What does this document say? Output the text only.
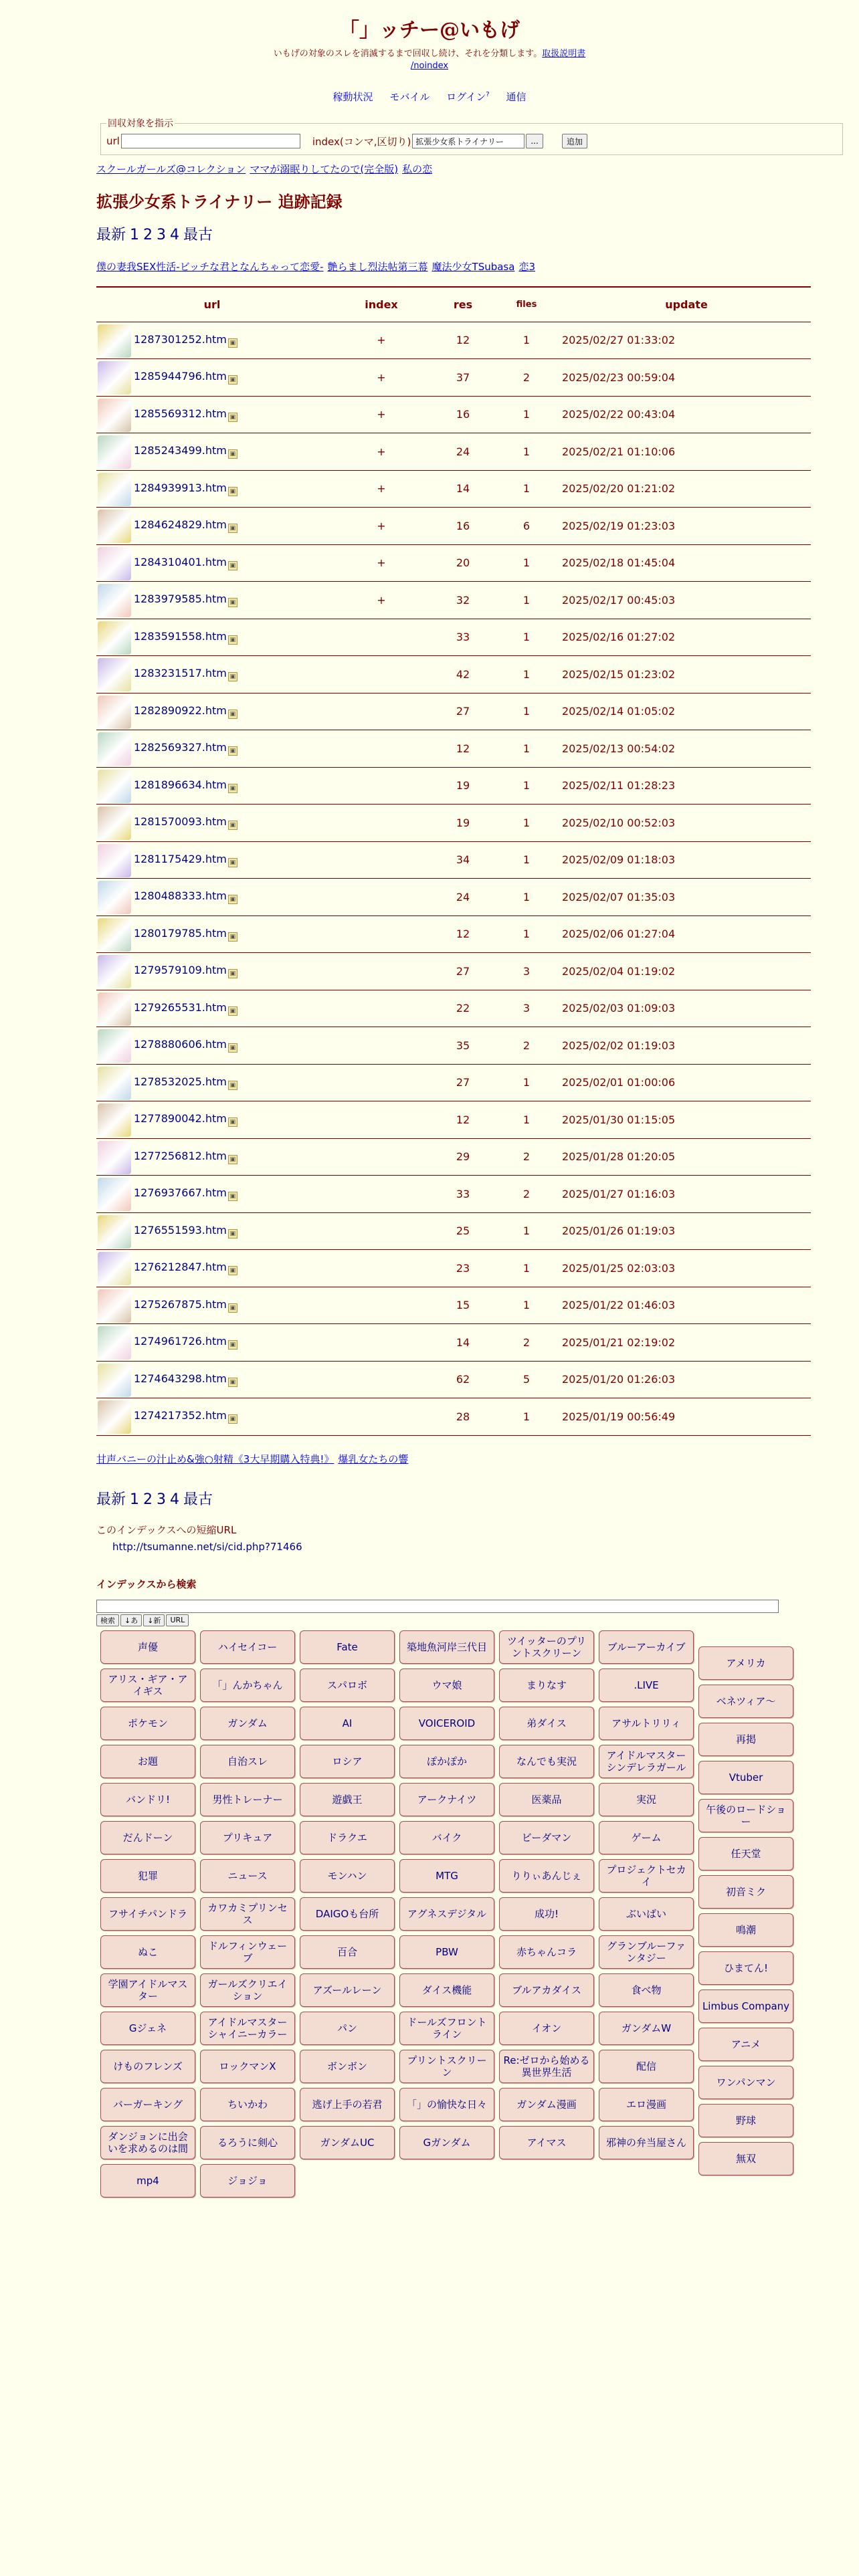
「」ッチー@いもげ
いもげの対象のスレを消滅するまで回収し続け、それを分類します。取扱説明書
/noindex
稼動状況 モバイル ログイン? 通信
回収対象を指示
url	index(コンマ,区切り)
拡張少女系トライナリー	...	追加
スクールガールズ@コレクション ママが溺眠りしてたので(完全版) 私の恋
拡張少女系トライナリー 追跡記録
最新 1 2 3 4 最古
僕の妻我SEX性活-ビッチな君となんちゃって恋愛- 艶らまし烈法帖第三幕 魔法少女TSubasa 恋3
url		index	res	files	update

	1287301252.htm ▣	+	12	1	2025/02/27 01:33:02

	1285944796.htm ▣	+	37	2	2025/02/23 00:59:04

	1285569312.htm ▣	+	16	1	2025/02/22 00:43:04

	1285243499.htm ▣	+	24	1	2025/02/21 01:10:06

	1284939913.htm ▣	+	14	1	2025/02/20 01:21:02

	1284624829.htm ▣	+	16	6	2025/02/19 01:23:03

	1284310401.htm ▣	+	20	1	2025/02/18 01:45:04

	1283979585.htm ▣	+	32	1	2025/02/17 00:45:03

	1283591558.htm ▣		33	1	2025/02/16 01:27:02

	1283231517.htm ▣		42	1	2025/02/15 01:23:02

	1282890922.htm ▣		27	1	2025/02/14 01:05:02

	1282569327.htm ▣		12	1	2025/02/13 00:54:02

	1281896634.htm ▣		19	1	2025/02/11 01:28:23

	1281570093.htm ▣		19	1	2025/02/10 00:52:03

	1281175429.htm ▣		34	1	2025/02/09 01:18:03

	1280488333.htm ▣		24	1	2025/02/07 01:35:03

	1280179785.htm ▣		12	1	2025/02/06 01:27:04

	1279579109.htm ▣		27	3	2025/02/04 01:19:02

	1279265531.htm ▣		22	3	2025/02/03 01:09:03

	1278880606.htm ▣		35	2	2025/02/02 01:19:03

	1278532025.htm ▣		27	1	2025/02/01 01:00:06

	1277890042.htm ▣		12	1	2025/01/30 01:15:05

	1277256812.htm ▣		29	2	2025/01/28 01:20:05

	1276937667.htm ▣		33	2	2025/01/27 01:16:03

	1276551593.htm ▣		25	1	2025/01/26 01:19:03

	1276212847.htm ▣		23	1	2025/01/25 02:03:03

	1275267875.htm ▣		15	1	2025/01/22 01:46:03

	1274961726.htm ▣		14	2	2025/01/21 02:19:02

	1274643298.htm ▣		62	5	2025/01/20 01:26:03

	1274217352.htm ▣		28	1	2025/01/19 00:56:49
甘声バニーの汁止め&強○射精《3大早期購入特典!》 爆乳女たちの響
最新 1 2 3 4 最古
このインデックスへの短縮URL
http://tsumanne.net/si/cid.php?71466
インデックスから検索
検索	↓あ	↓新	URL
声優	ハイセイコー	Fate	築地魚河岸三代目	ツイッターのプリントスクリーン	ブルーアーカイブ
アメリカ
アリス・ギア・アイギス	「」んかちゃん	スパロボ	ウマ娘	まりなす	.LIVE
ベネツィア〜
ポケモン	ガンダム	AI	VOICEROID	弟ダイス	アサルトリリィ
再掲
お題	自治スレ	ロシア	ぽかぽか	なんでも実況	アイドルマスターシンデレラガール
Vtuber
バンドリ!	男性トレーナー	遊戯王	アークナイツ	医薬品	実況
午後のロードショー
だんドーン	プリキュア	ドラクエ	バイク	ビーダマン	ゲーム
任天堂
犯罪	ニュース	モンハン	MTG	りりぃあんじぇ	プロジェクトセカイ
初音ミク
フサイチパンドラ	カワカミプリンセス	DAIGOも台所	アグネスデジタル	成功!	ぶいばい
鳴潮
ぬこ	ドルフィンウェーブ	百合	PBW	赤ちゃんコラ	グランブルーファンタジー
ひまてん!
学園アイドルマスター
ガールズクリエイション	アズールレーン	ダイス機能	ブルアカダイス	食べ物
Limbus Company
Gジェネ	アイドルマスターシャイニーカラー	パン	ドールズフロントライン	イオン	ガンダムW
アニメ
けものフレンズ	ロックマンX	ボンボン	プリントスクリーン
Re:ゼロから始める異世界生活	配信
ワンパンマン
バーガーキング	ちいかわ	逃げ上手の若君	「」の愉快な日々	ガンダム漫画	エロ漫画
野球
ダンジョンに出会いを求めるのは間	るろうに剣心	ガンダムUC	Gガンダム	アイマス	邪神の弁当屋さん
無双
mp4	ジョジョ
